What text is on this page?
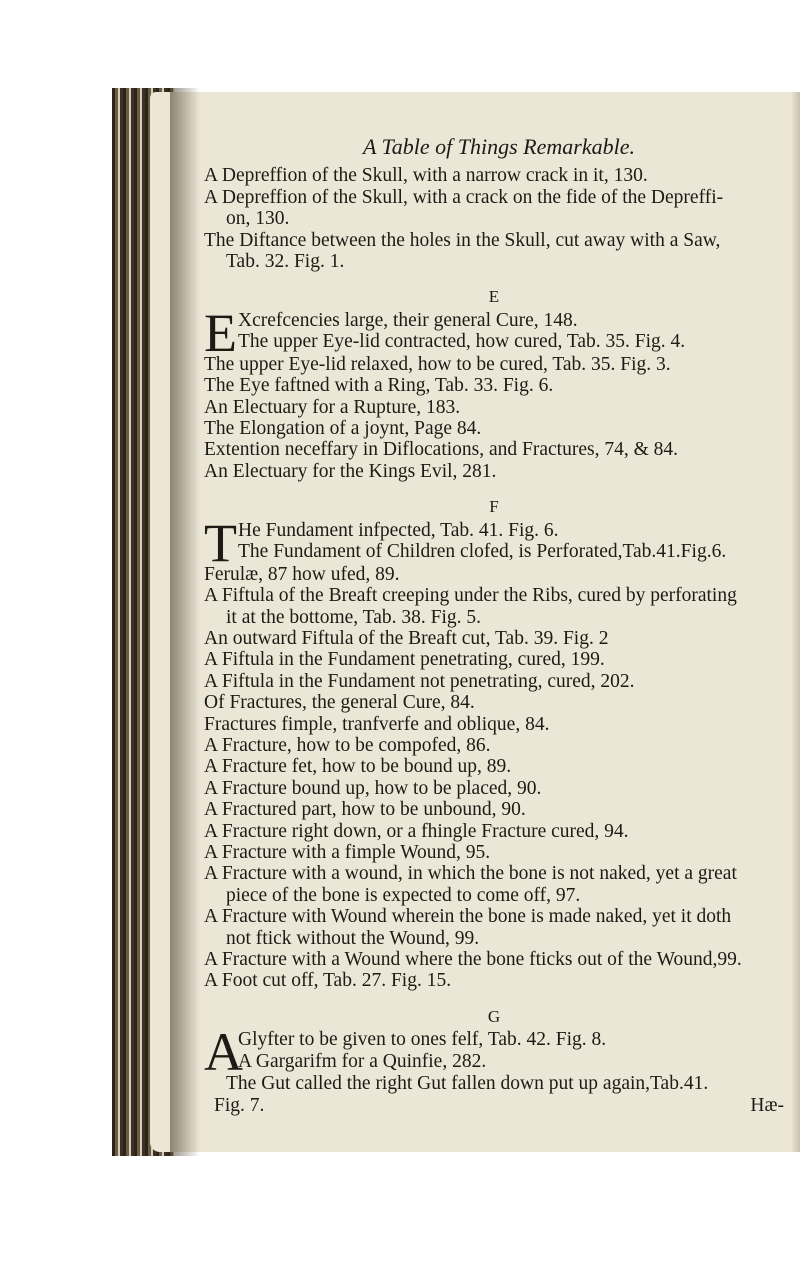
A Table of Things Remarkable.
A Depreffion of the Skull, with a narrow crack in it, 130.
A Depreffion of the Skull, with a crack on the fide of the Depreffi-
on, 130.
The Diftance between the holes in the Skull, cut away with a Saw,
Tab. 32. Fig. 1.
E
E Xcrefcencies large, their general Cure, 148.
The upper Eye-lid contracted, how cured, Tab. 35. Fig. 4.
The upper Eye-lid relaxed, how to be cured, Tab. 35. Fig. 3.
The Eye faftned with a Ring, Tab. 33. Fig. 6.
An Electuary for a Rupture, 183.
The Elongation of a joynt, Page 84.
Extention neceffary in Diflocations, and Fractures, 74, & 84.
An Electuary for the Kings Evil, 281.
F
T He Fundament infpected, Tab. 41. Fig. 6.
The Fundament of Children clofed, is Perforated,Tab.41.Fig.6.
Ferulæ, 87 how ufed, 89.
A Fiftula of the Breaft creeping under the Ribs, cured by perforating
it at the bottome, Tab. 38. Fig. 5.
An outward Fiftula of the Breaft cut, Tab. 39. Fig. 2
A Fiftula in the Fundament penetrating, cured, 199.
A Fiftula in the Fundament not penetrating, cured, 202.
Of Fractures, the general Cure, 84.
Fractures fimple, tranfverfe and oblique, 84.
A Fracture, how to be compofed, 86.
A Fracture fet, how to be bound up, 89.
A Fracture bound up, how to be placed, 90.
A Fractured part, how to be unbound, 90.
A Fracture right down, or a fhingle Fracture cured, 94.
A Fracture with a fimple Wound, 95.
A Fracture with a wound, in which the bone is not naked, yet a great
piece of the bone is expected to come off, 97.
A Fracture with Wound wherein the bone is made naked, yet it doth
not ftick without the Wound, 99.
A Fracture with a Wound where the bone fticks out of the Wound,99.
A Foot cut off, Tab. 27. Fig. 15.
G
A
Glyfter to be given to ones felf, Tab. 42. Fig. 8.
A Gargarifm for a Quinfie, 282.
The Gut called the right Gut fallen down put up again,Tab.41.
Fig. 7.	Hæ-
